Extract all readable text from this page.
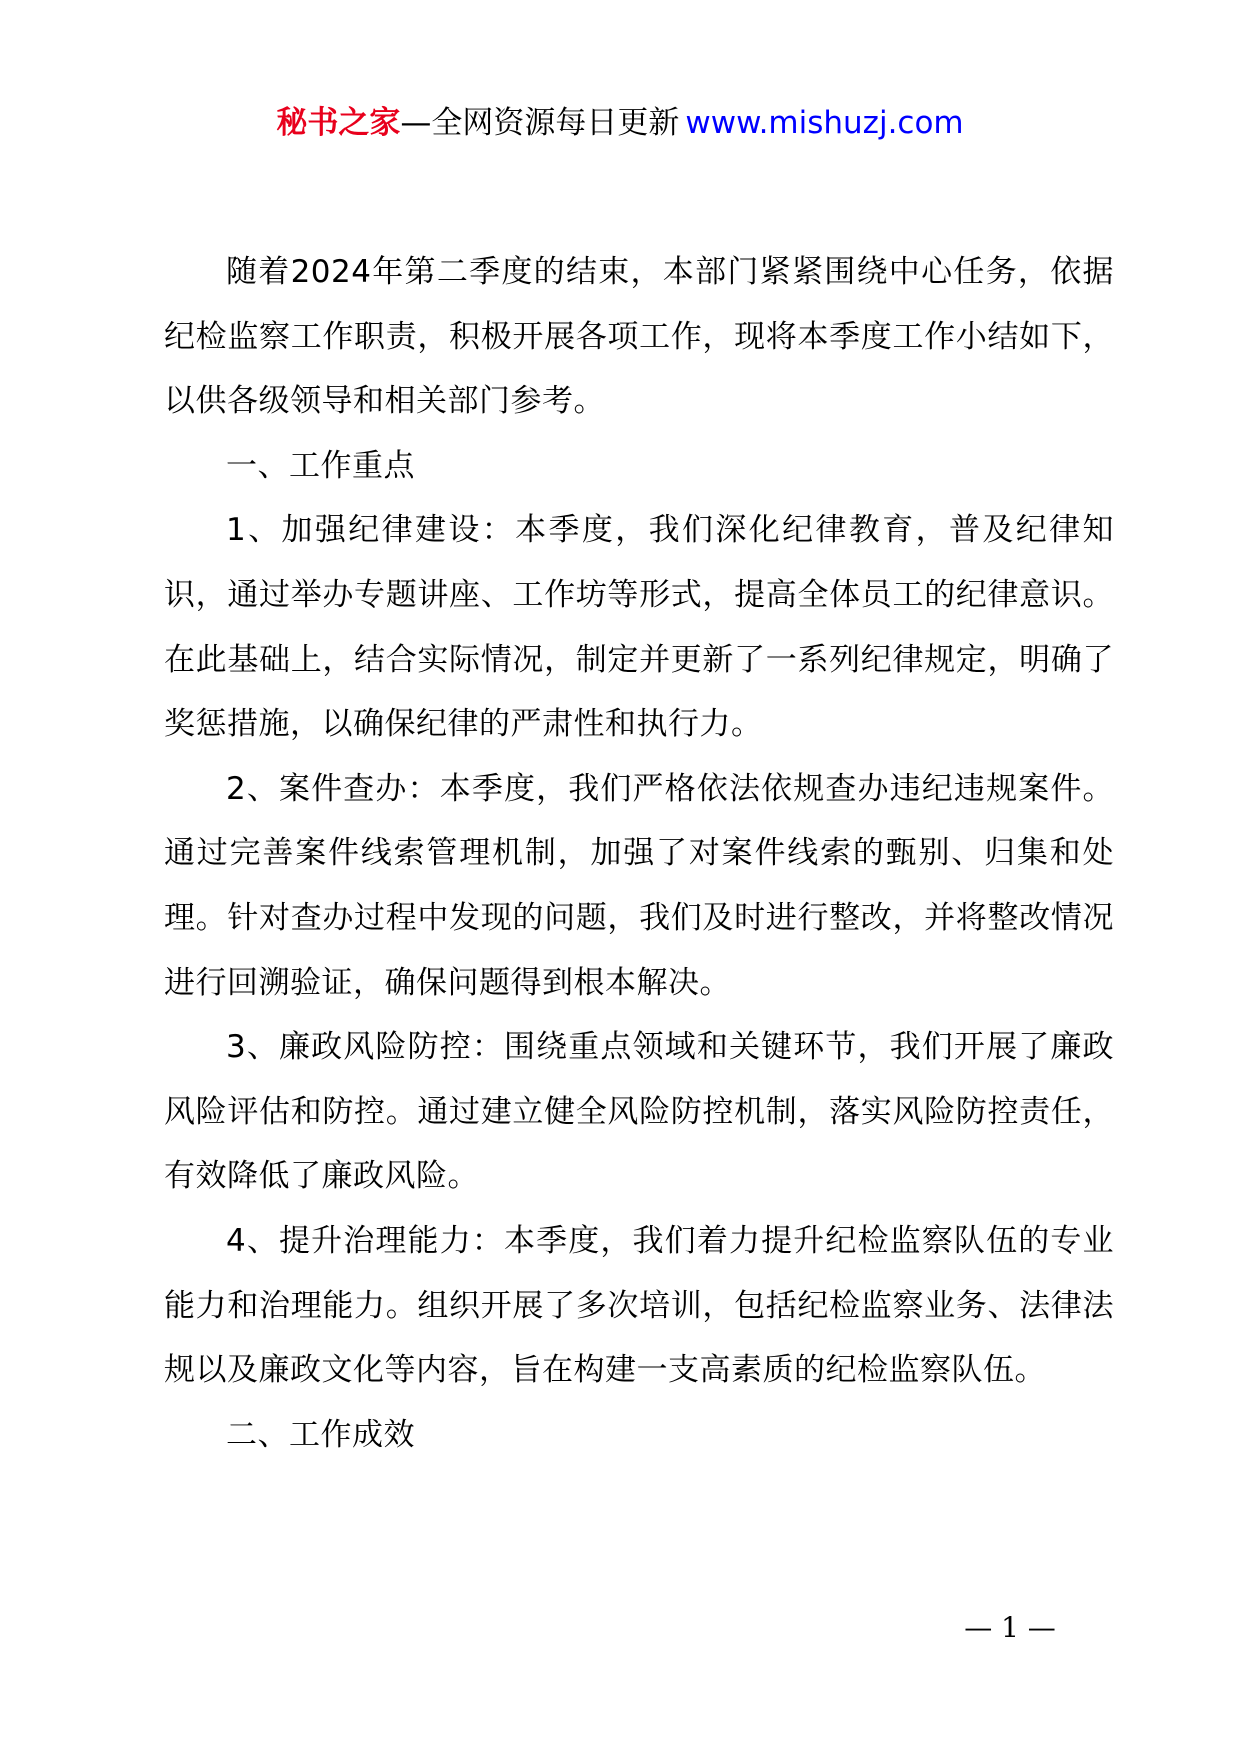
秘书之家—全网资源每日更新 www.mishuzj.com

随着2024年第二季度的结束，本部门紧紧围绕中心任务，依据纪检监察工作职责，积极开展各项工作，现将本季度工作小结如下，以供各级领导和相关部门参考。

一、工作重点

1、加强纪律建设：本季度，我们深化纪律教育，普及纪律知识，通过举办专题讲座、工作坊等形式，提高全体员工的纪律意识。在此基础上，结合实际情况，制定并更新了一系列纪律规定，明确了奖惩措施，以确保纪律的严肃性和执行力。

2、案件查办：本季度，我们严格依法依规查办违纪违规案件。通过完善案件线索管理机制，加强了对案件线索的甄别、归集和处理。针对查办过程中发现的问题，我们及时进行整改，并将整改情况进行回溯验证，确保问题得到根本解决。

3、廉政风险防控：围绕重点领域和关键环节，我们开展了廉政风险评估和防控。通过建立健全风险防控机制，落实风险防控责任，有效降低了廉政风险。

4、提升治理能力：本季度，我们着力提升纪检监察队伍的专业能力和治理能力。组织开展了多次培训，包括纪检监察业务、法律法规以及廉政文化等内容，旨在构建一支高素质的纪检监察队伍。

二、工作成效

— 1 —
